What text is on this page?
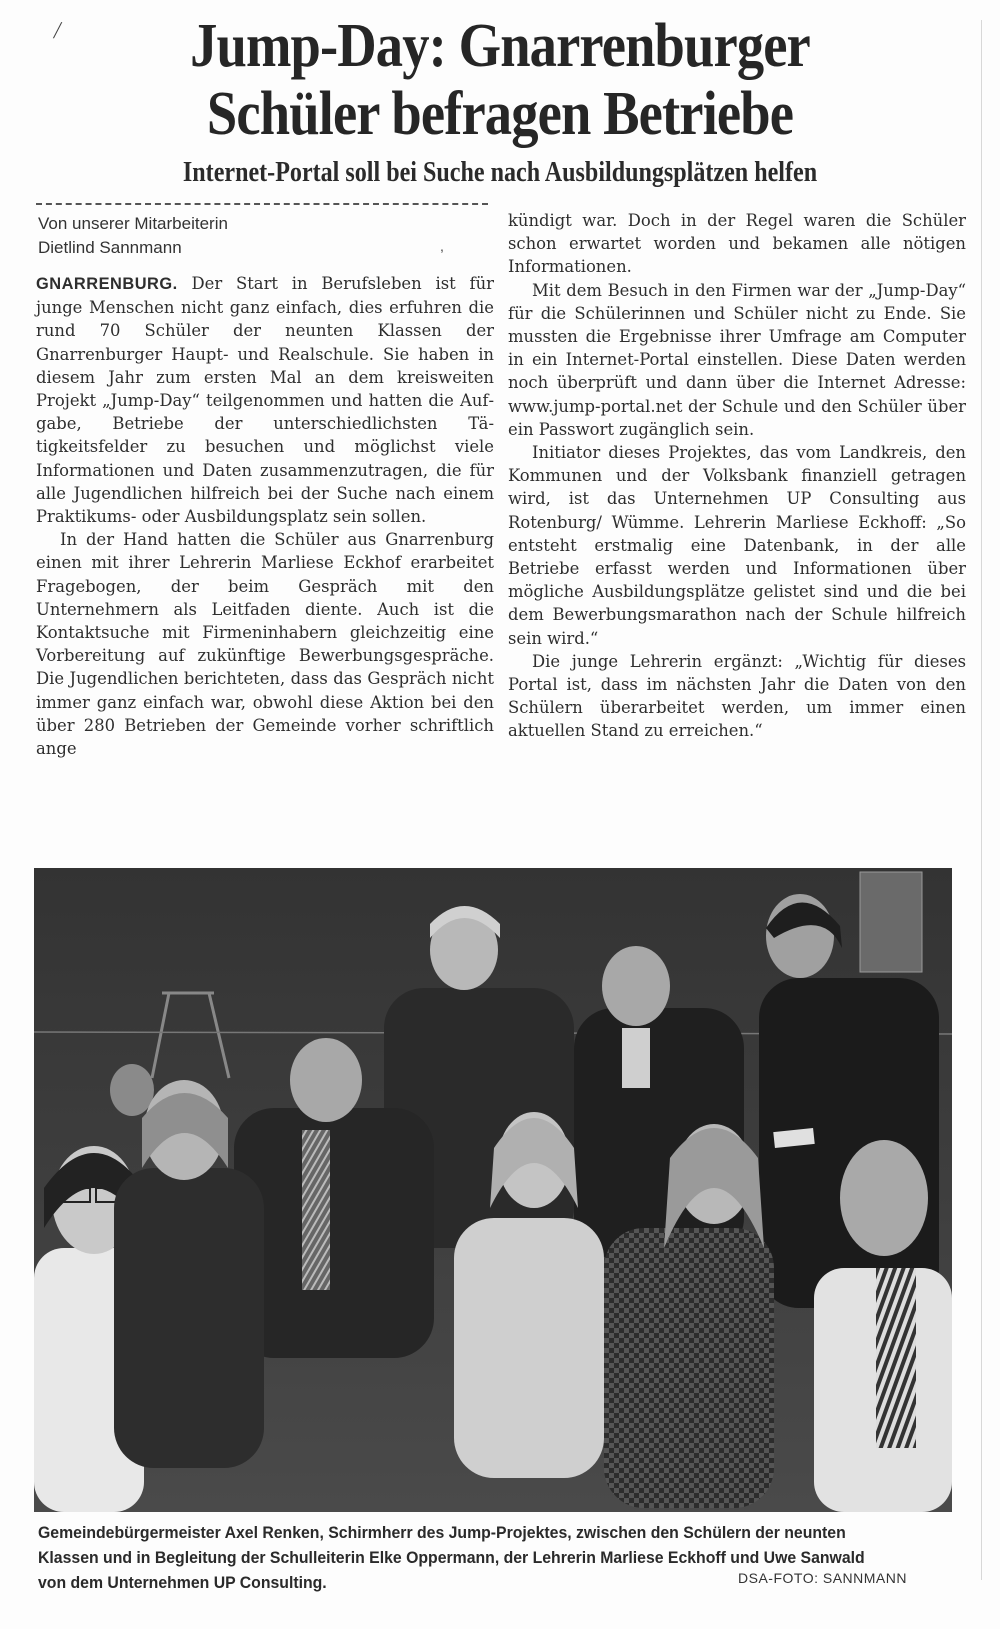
/	Jump-Day: Gnarrenburger
Schüler befragen Betriebe
Internet-Portal soll bei Suche nach Ausbildungsplätzen helfen
Von unserer Mitarbeiterin
Dietlind Sannmann	,

GNARRENBURG. Der Start in Berufsleben ist für junge Menschen nicht ganz einfach, dies erfuhren die rund 70 Schüler der neunten Klassen der Gnarrenburger Haupt- und Realschule. Sie haben in diesem Jahr zum ersten Mal an dem kreisweiten Projekt „Jump-Day“ teilgenommen und hatten die Aufgabe, Betriebe der unterschiedlichsten Tätigkeitsfelder zu besuchen und möglichst viele Informationen und Daten zusammenzutragen, die für alle Jugendlichen hilfreich bei der Suche nach einem Praktikums- oder Ausbildungsplatz sein sollen.

In der Hand hatten die Schüler aus Gnarrenburg einen mit ihrer Lehrerin Marliese Eckhof erarbeitet Fragebogen, der beim Gespräch mit den Unternehmern als Leitfaden diente. Auch ist die Kontaktsuche mit Firmeninhabern gleichzeitig eine Vorbereitung auf zukünftige Bewerbungsgespräche. Die Jugendlichen berichteten, dass das Gespräch nicht immer ganz einfach war, obwohl diese Aktion bei den über 280 Betrieben der Gemeinde vorher schriftlich ange

kündigt war. Doch in der Regel waren die Schüler schon erwartet worden und bekamen alle nötigen Informationen.

Mit dem Besuch in den Firmen war der „Jump-Day“ für die Schülerinnen und Schüler nicht zu Ende. Sie mussten die Ergebnisse ihrer Umfrage am Computer in ein Internet-Portal einstellen. Diese Daten werden noch überprüft und dann über die Internet Adresse: www.jump-portal.net der Schule und den Schüler über ein Passwort zugänglich sein.

Initiator dieses Projektes, das vom Landkreis, den Kommunen und der Volksbank finanziell getragen wird, ist das Unternehmen UP Consulting aus Rotenburg/ Wümme. Lehrerin Marliese Eckhoff: „So entsteht erstmalig eine Datenbank, in der alle Betriebe erfasst werden und Informationen über mögliche Ausbildungsplätze gelistet sind und die bei dem Bewerbungsmarathon nach der Schule hilfreich sein wird.“

Die junge Lehrerin ergänzt: „Wichtig für dieses Portal ist, dass im nächsten Jahr die Daten von den Schülern überarbeitet werden, um immer einen aktuellen Stand zu erreichen.“

Gemeindebürgermeister Axel Renken, Schirmherr des Jump-Projektes, zwischen den Schülern der neunten Klassen und in Begleitung der Schulleiterin Elke Oppermann, der Lehrerin Marliese Eckhoff und Uwe Sanwald von dem Unternehmen UP Consulting.	DSA-FOTO: SANNMANN
